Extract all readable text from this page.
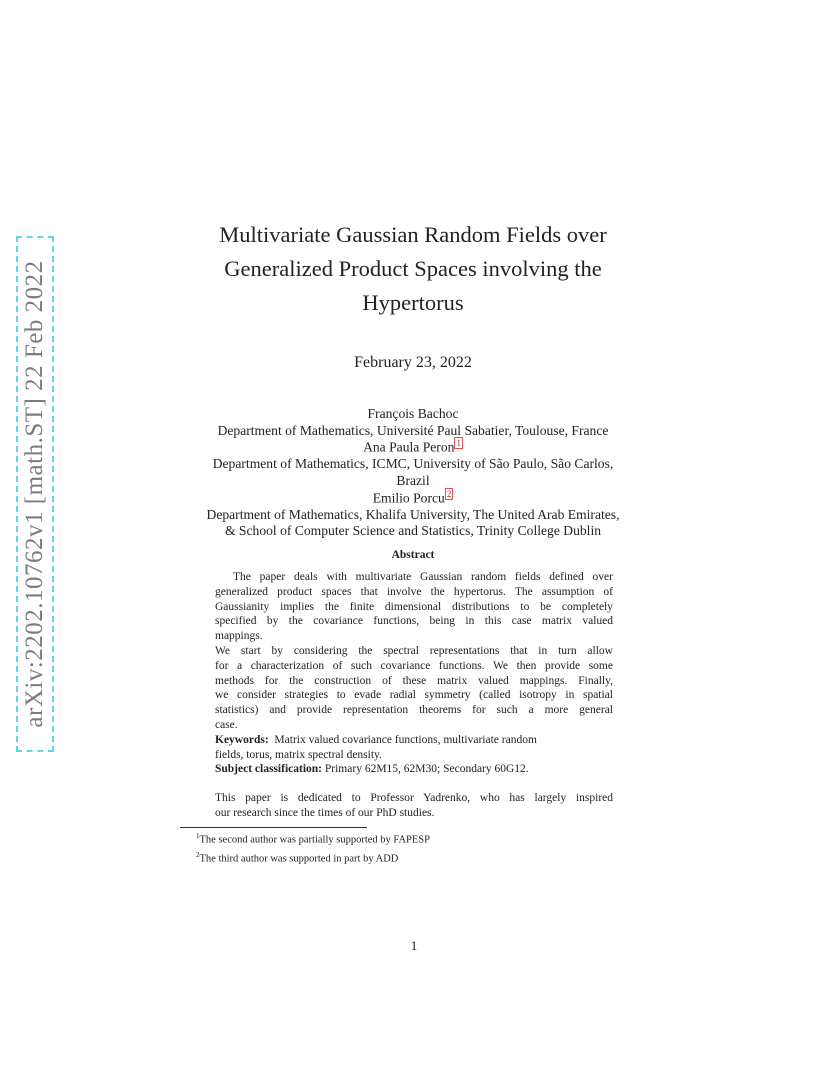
arXiv:2202.10762v1 [math.ST] 22 Feb 2022
Multivariate Gaussian Random Fields over
Generalized Product Spaces involving the
Hypertorus
February 23, 2022
François Bachoc
Department of Mathematics, Université Paul Sabatier, Toulouse, France
Ana Paula Peron $^1$
Department of Mathematics, ICMC, University of São Paulo, São Carlos,
Brazil
Emilio Porcu $^2$
Department of Mathematics, Khalifa University, The United Arab Emirates,
& School of Computer Science and Statistics, Trinity College Dublin
Abstract
The paper deals with multivariate Gaussian random fields defined over
generalized product spaces that involve the hypertorus. The assumption of
Gaussianity implies the finite dimensional distributions to be completely
specified by the covariance functions, being in this case matrix valued
mappings.
We start by considering the spectral representations that in turn allow
for a characterization of such covariance functions. We then provide some
methods for the construction of these matrix valued mappings. Finally,
we consider strategies to evade radial symmetry (called isotropy in spatial
statistics) and provide representation theorems for such a more general
case.
Keywords: Matrix valued covariance functions, multivariate random
fields, torus, matrix spectral density.
Subject classification: Primary 62M15, 62M30; Secondary 60G12.
This paper is dedicated to Professor Yadrenko, who has largely inspired
our research since the times of our PhD studies.
$^1$The second author was partially supported by FAPESP
$^2$The third author was supported in part by ADD
1
